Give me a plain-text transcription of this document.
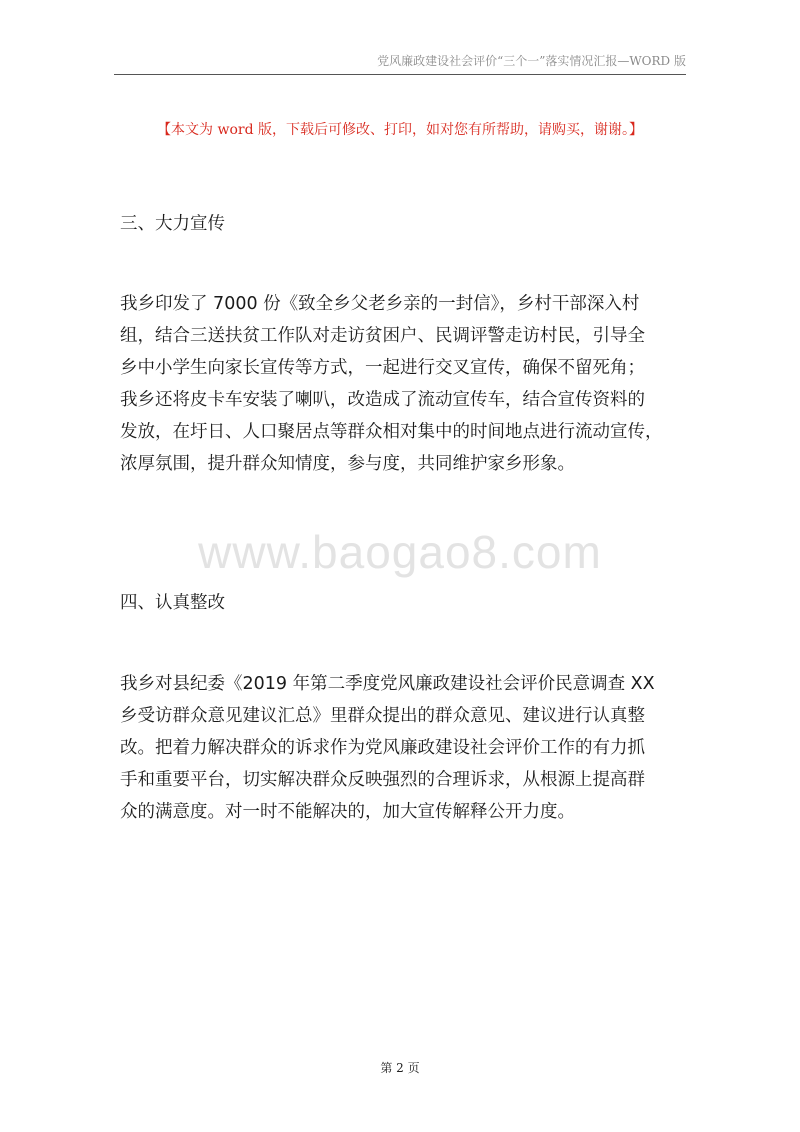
党风廉政建设社会评价“三个一”落实情况汇报—WORD 版
【本文为 word 版，下载后可修改、打印，如对您有所帮助，请购买，谢谢。】
三、大力宣传
我乡印发了 7000 份《致全乡父老乡亲的一封信》，乡村干部深入村
组，结合三送扶贫工作队对走访贫困户、民调评警走访村民，引导全
乡中小学生向家长宣传等方式，一起进行交叉宣传，确保不留死角；
我乡还将皮卡车安装了喇叭，改造成了流动宣传车，结合宣传资料的
发放，在圩日、人口聚居点等群众相对集中的时间地点进行流动宣传，
浓厚氛围，提升群众知情度，参与度，共同维护家乡形象。
www.baogao8.com
四、认真整改
我乡对县纪委《2019 年第二季度党风廉政建设社会评价民意调查 XX
乡受访群众意见建议汇总》里群众提出的群众意见、建议进行认真整
改。把着力解决群众的诉求作为党风廉政建设社会评价工作的有力抓
手和重要平台，切实解决群众反映强烈的合理诉求，从根源上提高群
众的满意度。对一时不能解决的，加大宣传解释公开力度。
第 2 页
